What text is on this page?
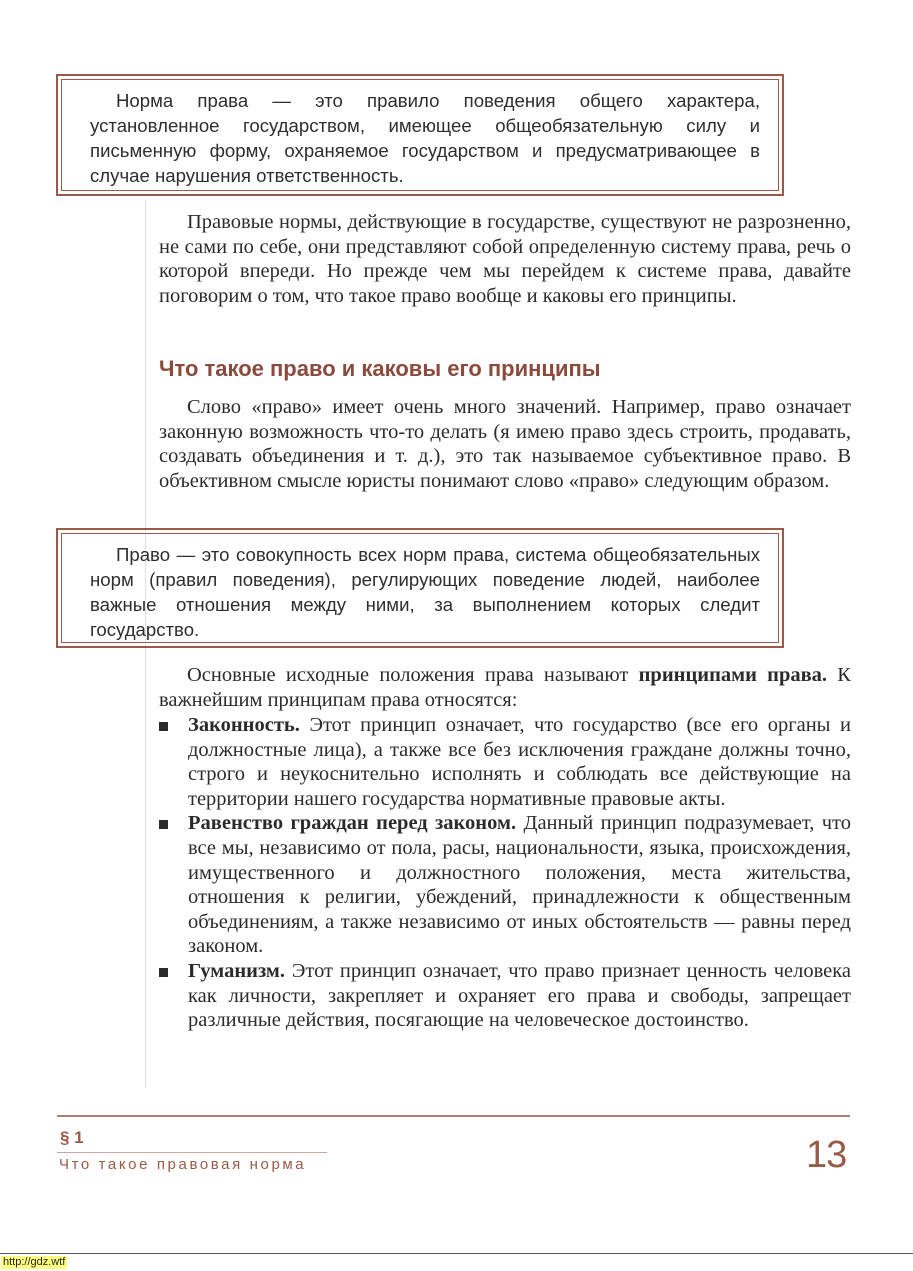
Норма права — это правило поведения общего характера, установленное государством, имеющее общеобязательную силу и письменную форму, охраняемое государством и предусматривающее в случае нарушения ответственность.

Правовые нормы, действующие в государстве, существуют не разрозненно, не сами по себе, они представляют собой определенную систему права, речь о которой впереди. Но прежде чем мы перейдем к системе права, давайте поговорим о том, что такое право вообще и каковы его принципы.

Что такое право и каковы его принципы

Слово «право» имеет очень много значений. Например, право означает законную возможность что-то делать (я имею право здесь строить, продавать, создавать объединения и т. д.), это так называемое субъективное право. В объективном смысле юристы понимают слово «право» следующим образом.

Право — это совокупность всех норм права, система общеобязательных норм (правил поведения), регулирующих поведение людей, наиболее важные отношения между ними, за выполнением которых следит государство.

Основные исходные положения права называют принципами права. К важнейшим принципам права относятся:

Законность. Этот принцип означает, что государство (все его органы и должностные лица), а также все без исключения граждане должны точно, строго и неукоснительно исполнять и соблюдать все действующие на территории нашего государства нормативные правовые акты.
Равенство граждан перед законом. Данный принцип подразумевает, что все мы, независимо от пола, расы, национальности, языка, происхождения, имущественного и должностного положения, места жительства, отношения к религии, убеждений, принадлежности к общественным объединениям, а также независимо от иных обстоятельств — равны перед законом.
Гуманизм. Этот принцип означает, что право признает ценность человека как личности, закрепляет и охраняет его права и свободы, запрещает различные действия, посягающие на человеческое достоинство.
§ 1
Что такое правовая норма	13
http://gdz.wtf
